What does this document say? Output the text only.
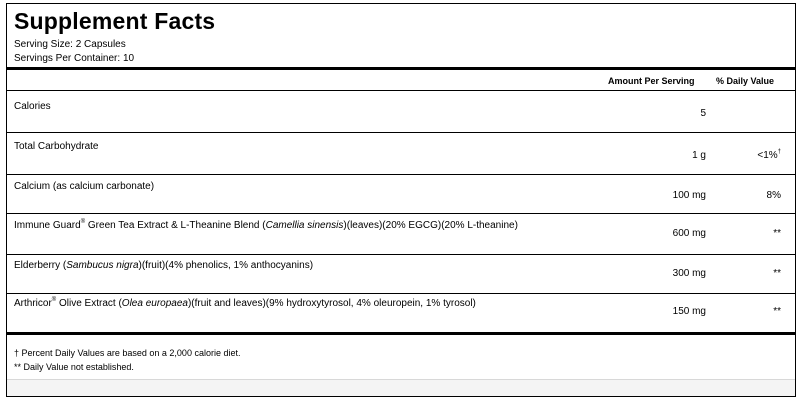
Supplement Facts
Serving Size: 2 Capsules
Servings Per Container: 10
Amount Per Serving % Daily Value
Calories
5
Total Carbohydrate
1 g	<1%†
Calcium (as calcium carbonate)
100 mg	8%
Immune Guard® Green Tea Extract & L-Theanine Blend (Camellia sinensis)(leaves)(20% EGCG)(20% L-theanine)
600 mg	**
Elderberry (Sambucus nigra)(fruit)(4% phenolics, 1% anthocyanins)
300 mg	**
Arthricor® Olive Extract (Olea europaea)(fruit and leaves)(9% hydroxytyrosol, 4% oleuropein, 1% tyrosol)
150 mg	**
† Percent Daily Values are based on a 2,000 calorie diet.
** Daily Value not established.
